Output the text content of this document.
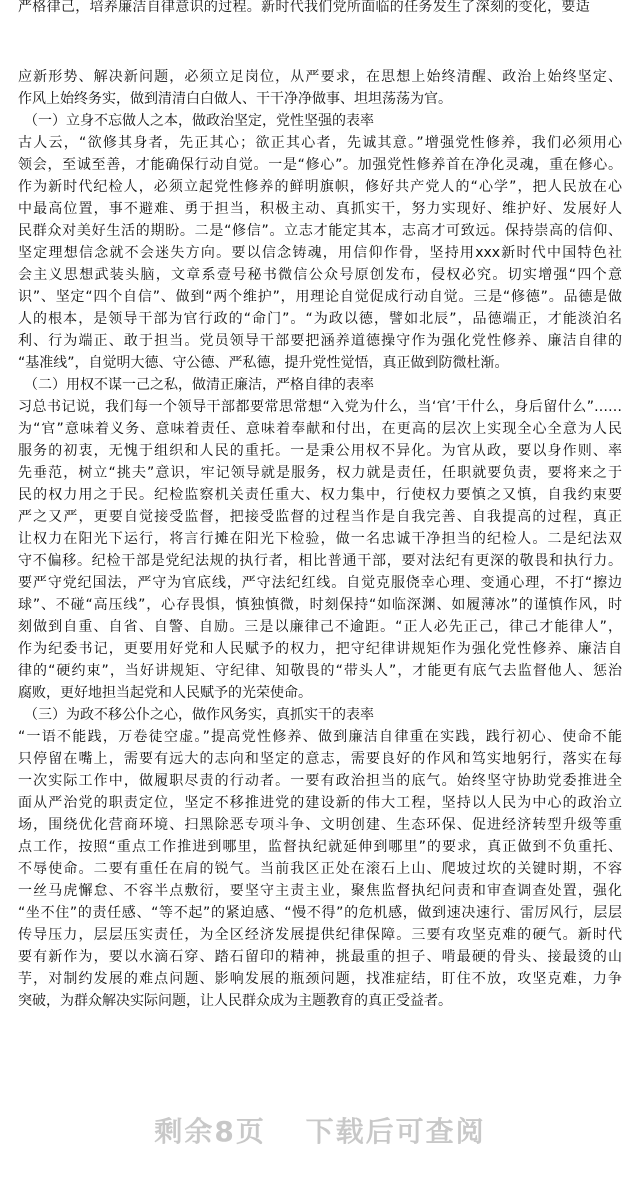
严格律己，培养廉洁自律意识的过程。新时代我们党所面临的任务发生了深刻的变化，要适
应新形势、解决新问题，必须立足岗位，从严要求，在思想上始终清醒、政治上始终坚定、
作风上始终务实，做到清清白白做人、干干净净做事、坦坦荡荡为官。
（一）立身不忘做人之本，做政治坚定，党性坚强的表率
古人云，“欲修其身者，先正其心；欲正其心者，先诚其意。”增强党性修养，我们必须用心
领会，至诚至善，才能确保行动自觉。一是“修心”。加强党性修养首在净化灵魂，重在修心。
作为新时代纪检人，必须立起党性修养的鲜明旗帜，修好共产党人的“心学”，把人民放在心
中最高位置，事不避难、勇于担当，积极主动、真抓实干，努力实现好、维护好、发展好人
民群众对美好生活的期盼。二是“修信”。立志才能定其本，志高才可致远。保持崇高的信仰、
坚定理想信念就不会迷失方向。要以信念铸魂，用信仰作骨，坚持用xxx新时代中国特色社
会主义思想武装头脑，文章系壹号秘书微信公众号原创发布，侵权必究。切实增强“四个意
识”、坚定“四个自信”、做到“两个维护”，用理论自觉促成行动自觉。三是“修德”。品德是做
人的根本，是领导干部为官行政的“命门”。“为政以德，譬如北辰”，品德端正，才能淡泊名
利、行为端正、敢于担当。党员领导干部要把涵养道德操守作为强化党性修养、廉洁自律的
“基准线”，自觉明大德、守公德、严私德，提升党性觉悟，真正做到防微杜渐。
（二）用权不谋一己之私，做清正廉洁，严格自律的表率
习总书记说，我们每一个领导干部都要常思常想“入党为什么，当‘官’干什么，身后留什么”……
为“官”意味着义务、意味着责任、意味着奉献和付出，在更高的层次上实现全心全意为人民
服务的初衷，无愧于组织和人民的重托。一是秉公用权不异化。为官从政，要以身作则、率
先垂范，树立“挑夫”意识，牢记领导就是服务，权力就是责任，任职就要负责，要将来之于
民的权力用之于民。纪检监察机关责任重大、权力集中，行使权力要慎之又慎，自我约束要
严之又严，更要自觉接受监督，把接受监督的过程当作是自我完善、自我提高的过程，真正
让权力在阳光下运行，将言行摊在阳光下检验，做一名忠诚干净担当的纪检人。二是纪法双
守不偏移。纪检干部是党纪法规的执行者，相比普通干部，要对法纪有更深的敬畏和执行力。
要严守党纪国法，严守为官底线，严守法纪红线。自觉克服侥幸心理、变通心理，不打“擦边
球”、不碰“高压线”，心存畏惧，慎独慎微，时刻保持“如临深渊、如履薄冰”的谨慎作风，时
刻做到自重、自省、自警、自励。三是以廉律己不逾距。“正人必先正己，律己才能律人”，
作为纪委书记，更要用好党和人民赋予的权力，把守纪律讲规矩作为强化党性修养、廉洁自
律的“硬约束”，当好讲规矩、守纪律、知敬畏的“带头人”，才能更有底气去监督他人、惩治
腐败，更好地担当起党和人民赋予的光荣使命。
（三）为政不移公仆之心，做作风务实，真抓实干的表率
“一语不能践，万卷徒空虚。”提高党性修养、做到廉洁自律重在实践，践行初心、使命不能
只停留在嘴上，需要有远大的志向和坚定的意志，需要良好的作风和笃实地躬行，落实在每
一次实际工作中，做履职尽责的行动者。一要有政治担当的底气。始终坚守协助党委推进全
面从严治党的职责定位，坚定不移推进党的建设新的伟大工程，坚持以人民为中心的政治立
场，围绕优化营商环境、扫黑除恶专项斗争、文明创建、生态环保、促进经济转型升级等重
点工作，按照“重点工作推进到哪里，监督执纪就延伸到哪里”的要求，真正做到不负重托、
不辱使命。二要有重任在肩的锐气。当前我区正处在滚石上山、爬坡过坎的关键时期，不容
一丝马虎懈怠、不容半点敷衍，要坚守主责主业，聚焦监督执纪问责和审查调查处置，强化
“坐不住”的责任感、“等不起”的紧迫感、“慢不得”的危机感，做到速决速行、雷厉风行，层层
传导压力，层层压实责任，为全区经济发展提供纪律保障。三要有攻坚克难的硬气。新时代
要有新作为，要以水滴石穿、踏石留印的精神，挑最重的担子、啃最硬的骨头、接最烫的山
芋，对制约发展的难点问题、影响发展的瓶颈问题，找准症结，盯住不放，攻坚克难，力争
突破，为群众解决实际问题，让人民群众成为主题教育的真正受益者。
剩余8页 下载后可查阅
